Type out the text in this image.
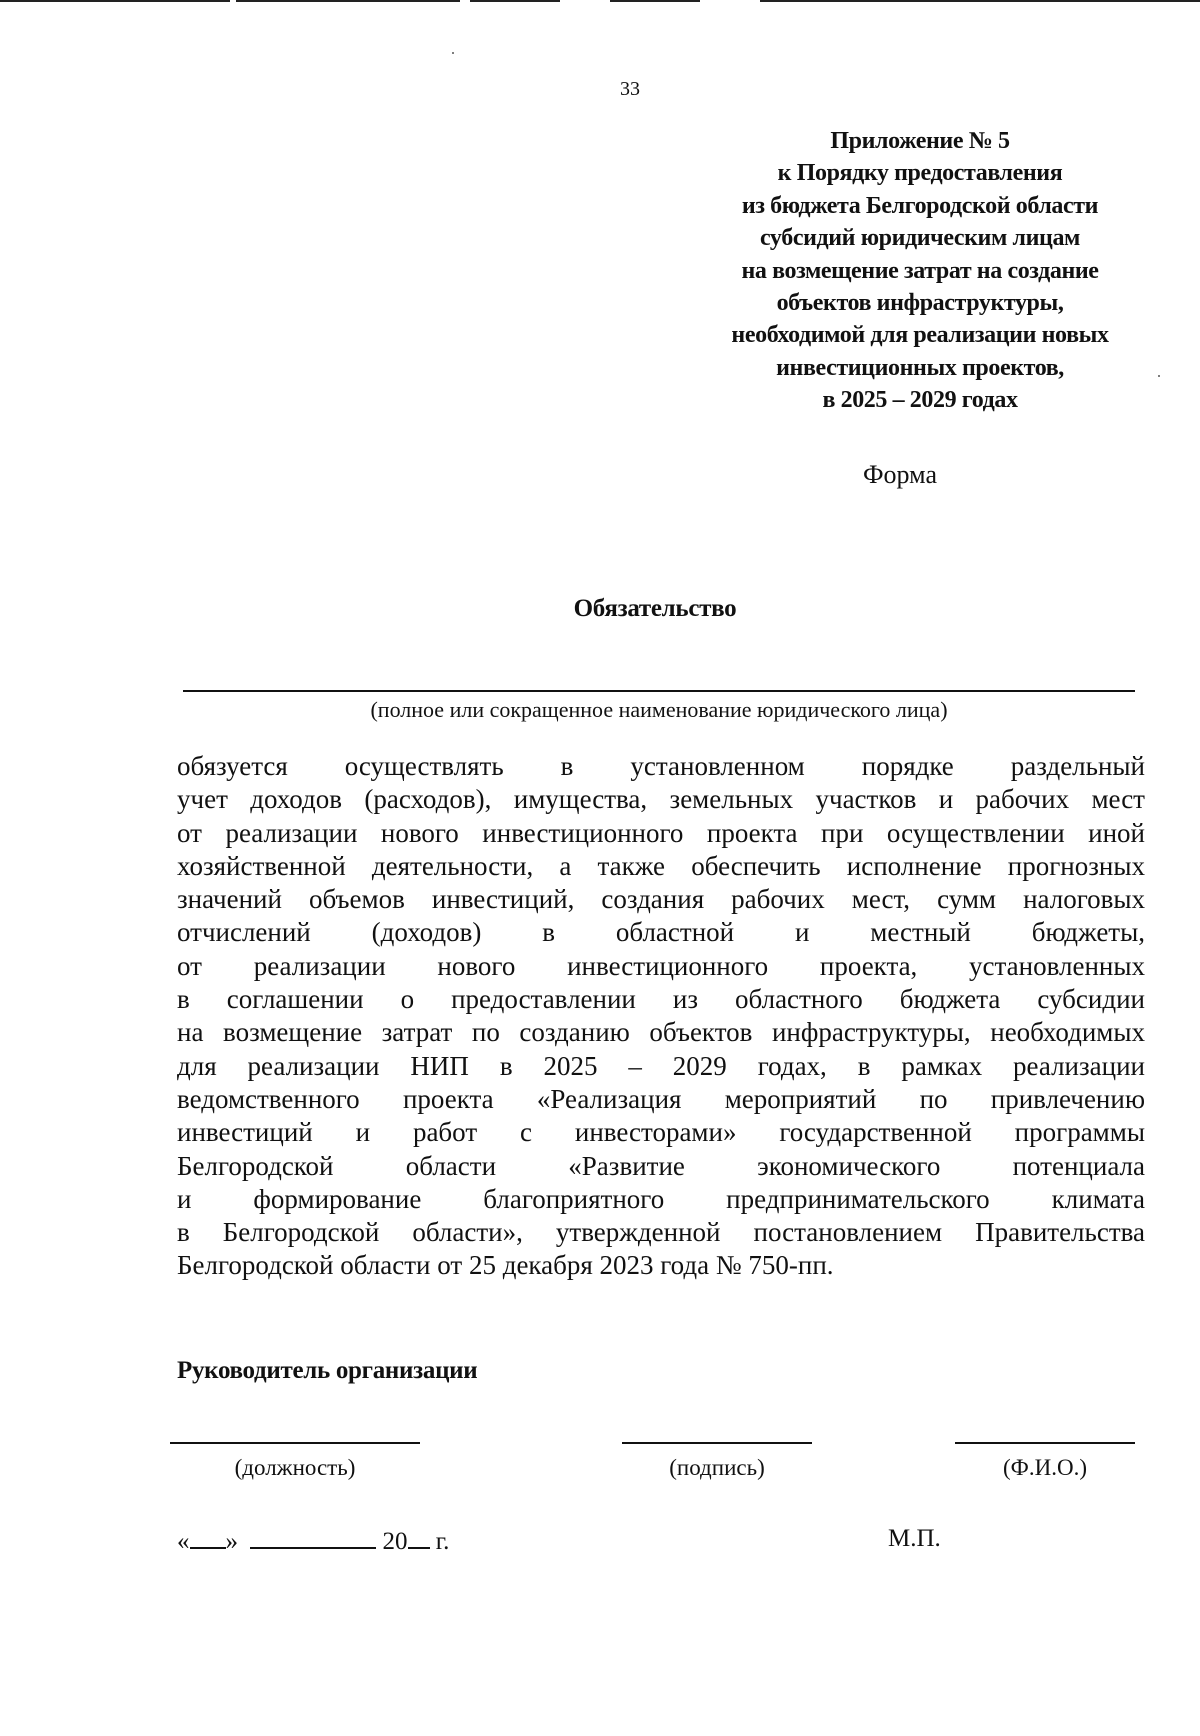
33
Приложение № 5
к Порядку предоставления
из бюджета Белгородской области
субсидий юридическим лицам
на возмещение затрат на создание
объектов инфраструктуры,
необходимой для реализации новых
инвестиционных проектов,
в 2025 – 2029 годах
Форма
Обязательство
(полное или сокращенное наименование юридического лица)
обязуется осуществлять в установленном порядке раздельный
учет доходов (расходов), имущества, земельных участков и рабочих мест
от реализации нового инвестиционного проекта при осуществлении иной
хозяйственной деятельности, а также обеспечить исполнение прогнозных
значений объемов инвестиций, создания рабочих мест, сумм налоговых
отчислений (доходов) в областной и местный бюджеты,
от реализации нового инвестиционного проекта, установленных
в соглашении о предоставлении из областного бюджета субсидии
на возмещение затрат по созданию объектов инфраструктуры, необходимых
для реализации НИП в 2025 – 2029 годах, в рамках реализации
ведомственного проекта «Реализация мероприятий по привлечению
инвестиций и работ с инвесторами» государственной программы
Белгородской области «Развитие экономического потенциала
и формирование благоприятного предпринимательского климата
в Белгородской области», утвержденной постановлением Правительства
Белгородской области от 25 декабря 2023 года № 750-пп.
Руководитель организации
(должность)	(подпись)	(Ф.И.О.)
« »	20 г.	М.П.
